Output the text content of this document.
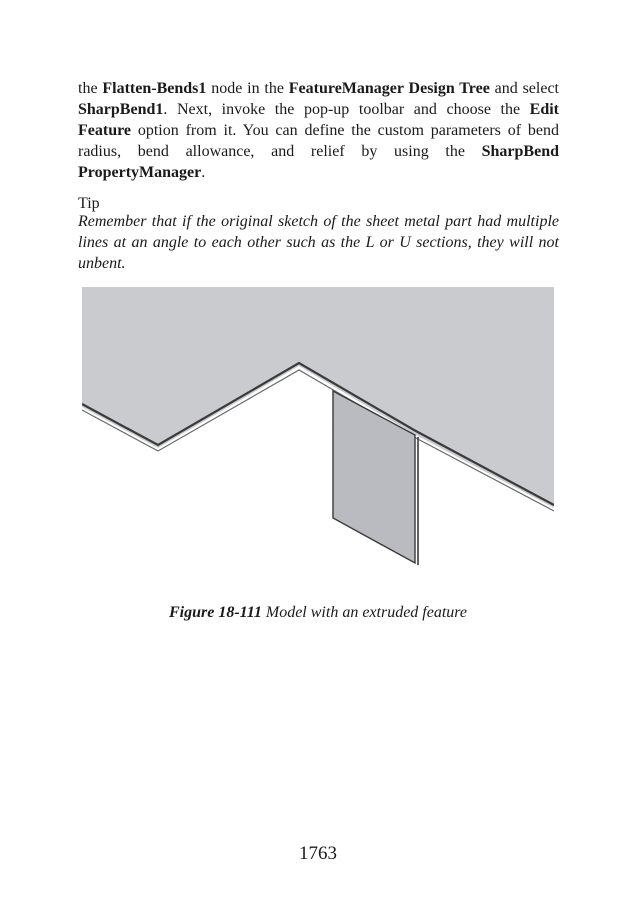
the Flatten-Bends1 node in the FeatureManager Design Tree and select SharpBend1. Next, invoke the pop-up toolbar and choose the Edit Feature option from it. You can define the custom parameters of bend radius, bend allowance, and relief by using the SharpBend PropertyManager.

Tip

Remember that if the original sketch of the sheet metal part had multiple lines at an angle to each other such as the L or U sections, they will not unbent.

Figure 18-111 Model with an extruded feature
1763
